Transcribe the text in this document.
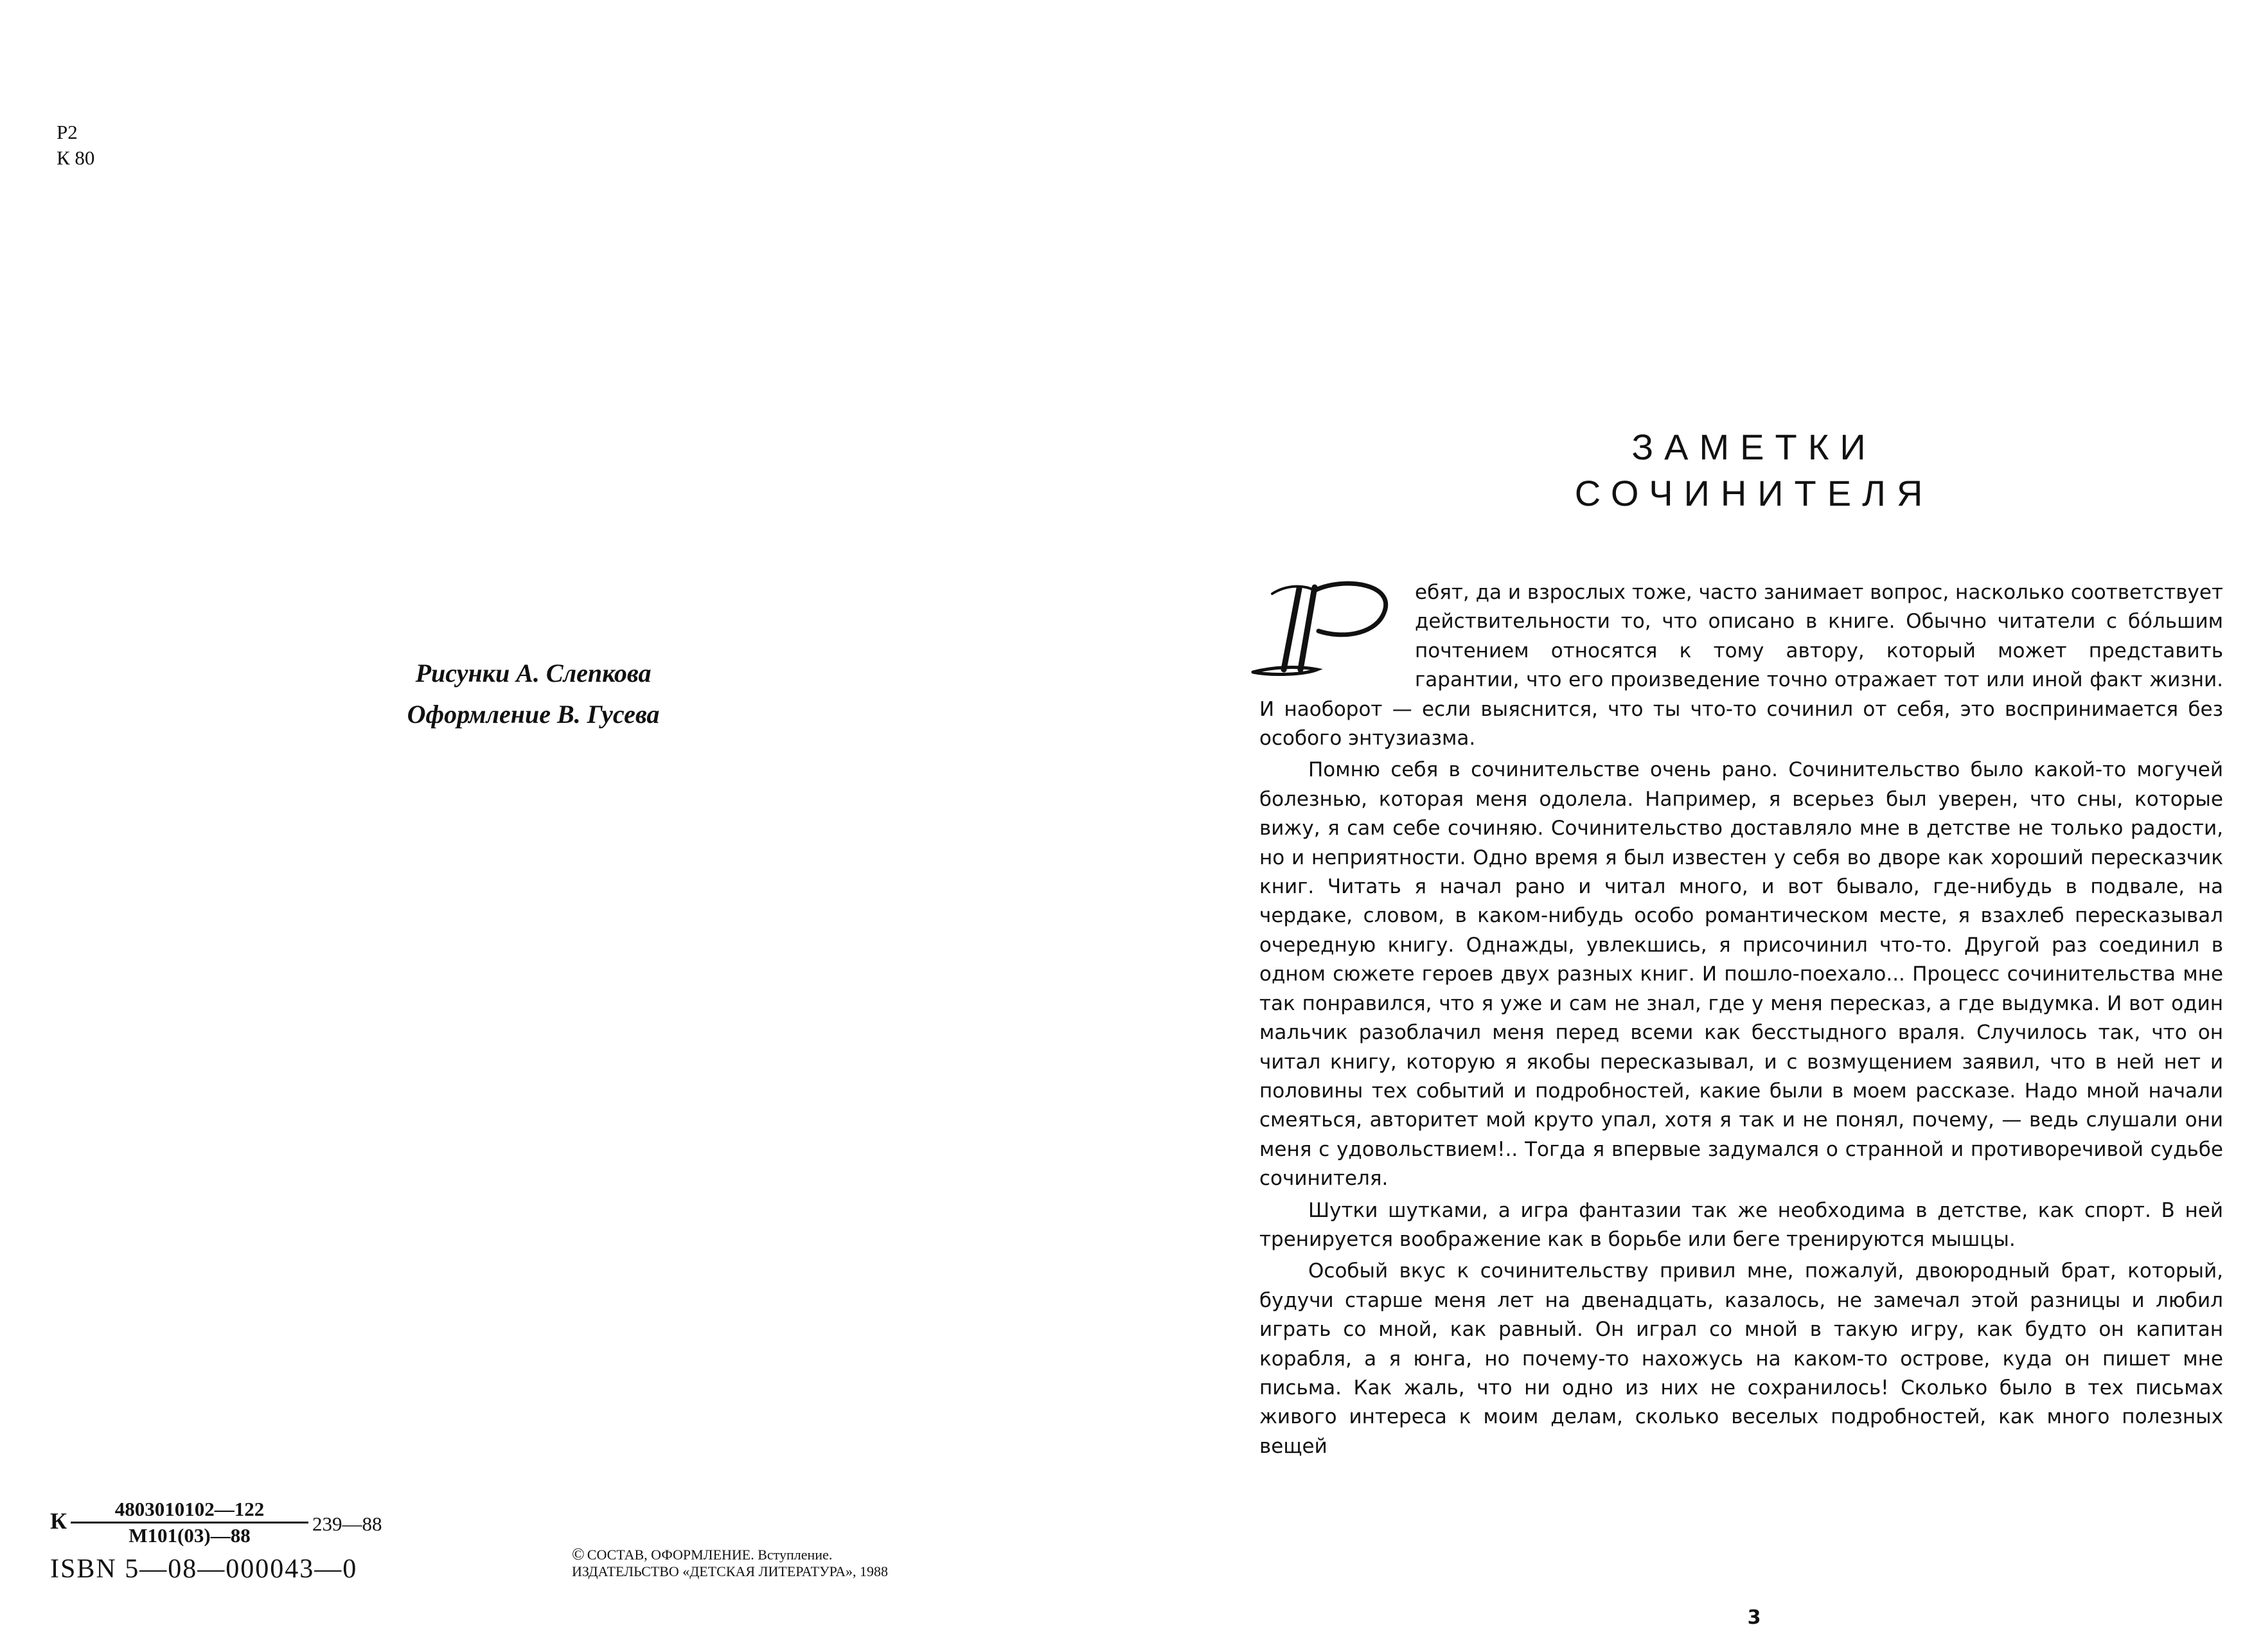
Р2
К 80
Рисунки А. Слепкова
Оформление В. Гусева
К	4803010102—122
М101(03)—88
239—88
ISBN 5—08—000043—0
© СОСТАВ, ОФОРМЛЕНИЕ. Вступление.
ИЗДАТЕЛЬСТВО «ДЕТСКАЯ ЛИТЕРАТУРА», 1988
ЗАМЕТКИ
СОЧИНИТЕЛЯ

Р
ебят, да и взрослых тоже, часто занимает вопрос, насколько соответствует действительности то, что описано в книге. Обычно читатели с бо́льшим почтением относятся к тому автору, который может представить гарантии, что его произведение точно отражает тот или иной факт жизни. И наоборот — если выяснится, что ты что-то сочинил от себя, это воспринимается без особого энтузиазма.

Помню себя в сочинительстве очень рано. Сочинительство было какой-то могучей болезнью, которая меня одолела. Например, я всерьез был уверен, что сны, которые вижу, я сам себе сочиняю. Сочинительство доставляло мне в детстве не только радости, но и неприятности. Одно время я был известен у себя во дворе как хороший пересказчик книг. Читать я начал рано и читал много, и вот бывало, где-нибудь в подвале, на чердаке, словом, в каком-нибудь особо романтическом месте, я взахлеб пересказывал очередную книгу. Однажды, увлекшись, я присочинил что-то. Другой раз соединил в одном сюжете героев двух разных книг. И пошло-поехало... Процесс сочинительства мне так понравился, что я уже и сам не знал, где у меня пересказ, а где выдумка. И вот один мальчик разоблачил меня перед всеми как бесстыдного враля. Случилось так, что он читал книгу, которую я якобы пересказывал, и с возмущением заявил, что в ней нет и половины тех событий и подробностей, какие были в моем рассказе. Надо мной начали смеяться, авторитет мой круто упал, хотя я так и не понял, почему, — ведь слушали они меня с удовольствием!.. Тогда я впервые задумался о странной и противоречивой судьбе сочинителя.

Шутки шутками, а игра фантазии так же необходима в детстве, как спорт. В ней тренируется воображение как в борьбе или беге тренируются мышцы.

Особый вкус к сочинительству привил мне, пожалуй, двоюродный брат, который, будучи старше меня лет на двенадцать, казалось, не замечал этой разницы и любил играть со мной, как равный. Он играл со мной в такую игру, как будто он капитан корабля, а я юнга, но почему-то нахожусь на каком-то острове, куда он пишет мне письма. Как жаль, что ни одно из них не сохранилось! Сколько было в тех письмах живого интереса к моим делам, сколько веселых подробностей, как много полезных вещей

3
